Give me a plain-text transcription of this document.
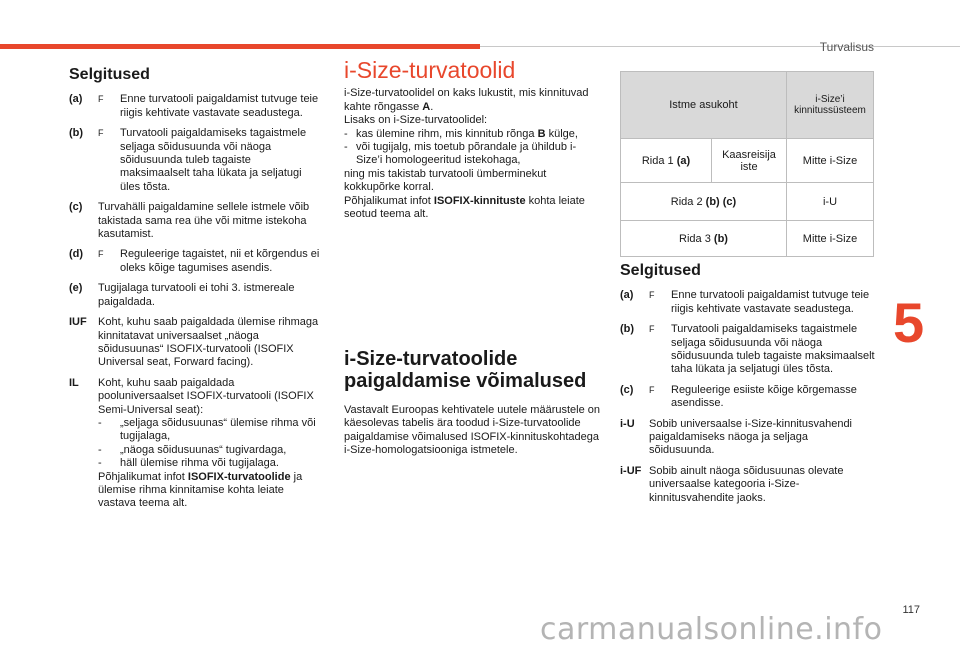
Turvalisus
5
117
carmanualsonline.info
Selgitused
(a)	F	Enne turvatooli paigaldamist tutvuge teie riigis kehtivate vastavate seadustega.
(b)	F	Turvatooli paigaldamiseks tagaistmele seljaga sõidusuunda või näoga sõidusuunda tuleb tagaiste maksimaalselt taha lükata ja seljatugi üles tõsta.
(c)	Turvahälli paigaldamine sellele istmele võib takistada sama rea ühe või mitme istekoha kasutamist.
(d)	F	Reguleerige tagaistet, nii et kõrgendus ei oleks kõige tagumises asendis.
(e)	Tugijalaga turvatooli ei tohi 3. istmereale paigaldada.
IUF	Koht, kuhu saab paigaldada ülemise rihmaga kinnitatavat universaalset „näoga sõidusuunas“ ISOFIX-turvatooli (ISOFIX Universal seat, Forward facing).
IL	Koht, kuhu saab paigaldada pooluniversaalset ISOFIX-turvatooli (ISOFIX Semi-Universal seat):

-	„seljaga sõidusuunas“ ülemise rihma või tugijalaga,
-	„näoga sõidusuunas“ tugivardaga,
-	häll ülemise rihma või tugijalaga.

Põhjalikumat infot ISOFIX-turvatoolide ja ülemise rihma kinnitamise kohta leiate vastava teema alt.

i-Size-turvatoolid

i-Size-turvatoolidel on kaks lukustit, mis kinnituvad kahte rõngasse A.

Lisaks on i-Size-turvatoolidel:

- kas ülemine rihm, mis kinnitub rõnga B külge,
- või tugijalg, mis toetub põrandale ja ühildub i-Size’i homologeeritud istekohaga,

ning mis takistab turvatooli ümberminekut kokkupõrke korral.

Põhjalikumat infot ISOFIX-kinnituste kohta leiate seotud teema alt.

i-Size-turvatoolide
paigaldamise võimalused

Vastavalt Euroopas kehtivatele uutele määrustele on käesolevas tabelis ära toodud i-Size-turvatoolide paigaldamise võimalused ISOFIX-kinnituskohtadega i-Size-homologatsiooniga istmetele.

Istme asukoht		i-Size’i kinnitussüsteem
Rida 1 (a)	Kaasreisija iste	Mitte i-Size
Rida 2 (b) (c)		i-U
Rida 3 (b)		Mitte i-Size
Selgitused
(a)	F	Enne turvatooli paigaldamist tutvuge teie riigis kehtivate vastavate seadustega.
(b)	F	Turvatooli paigaldamiseks tagaistmele seljaga sõidusuunda või näoga sõidusuunda tuleb tagaiste maksimaalselt taha lükata ja seljatugi üles tõsta.
(c)	F	Reguleerige esiiste kõige kõrgemasse asendisse.
i-U	Sobib universaalse i-Size-kinnitusvahendi paigaldamiseks näoga ja seljaga sõidusuunda.
i-UF Sobib ainult näoga sõidusuunas olevate universaalse kategooria i-Size-kinnitusvahendite jaoks.
